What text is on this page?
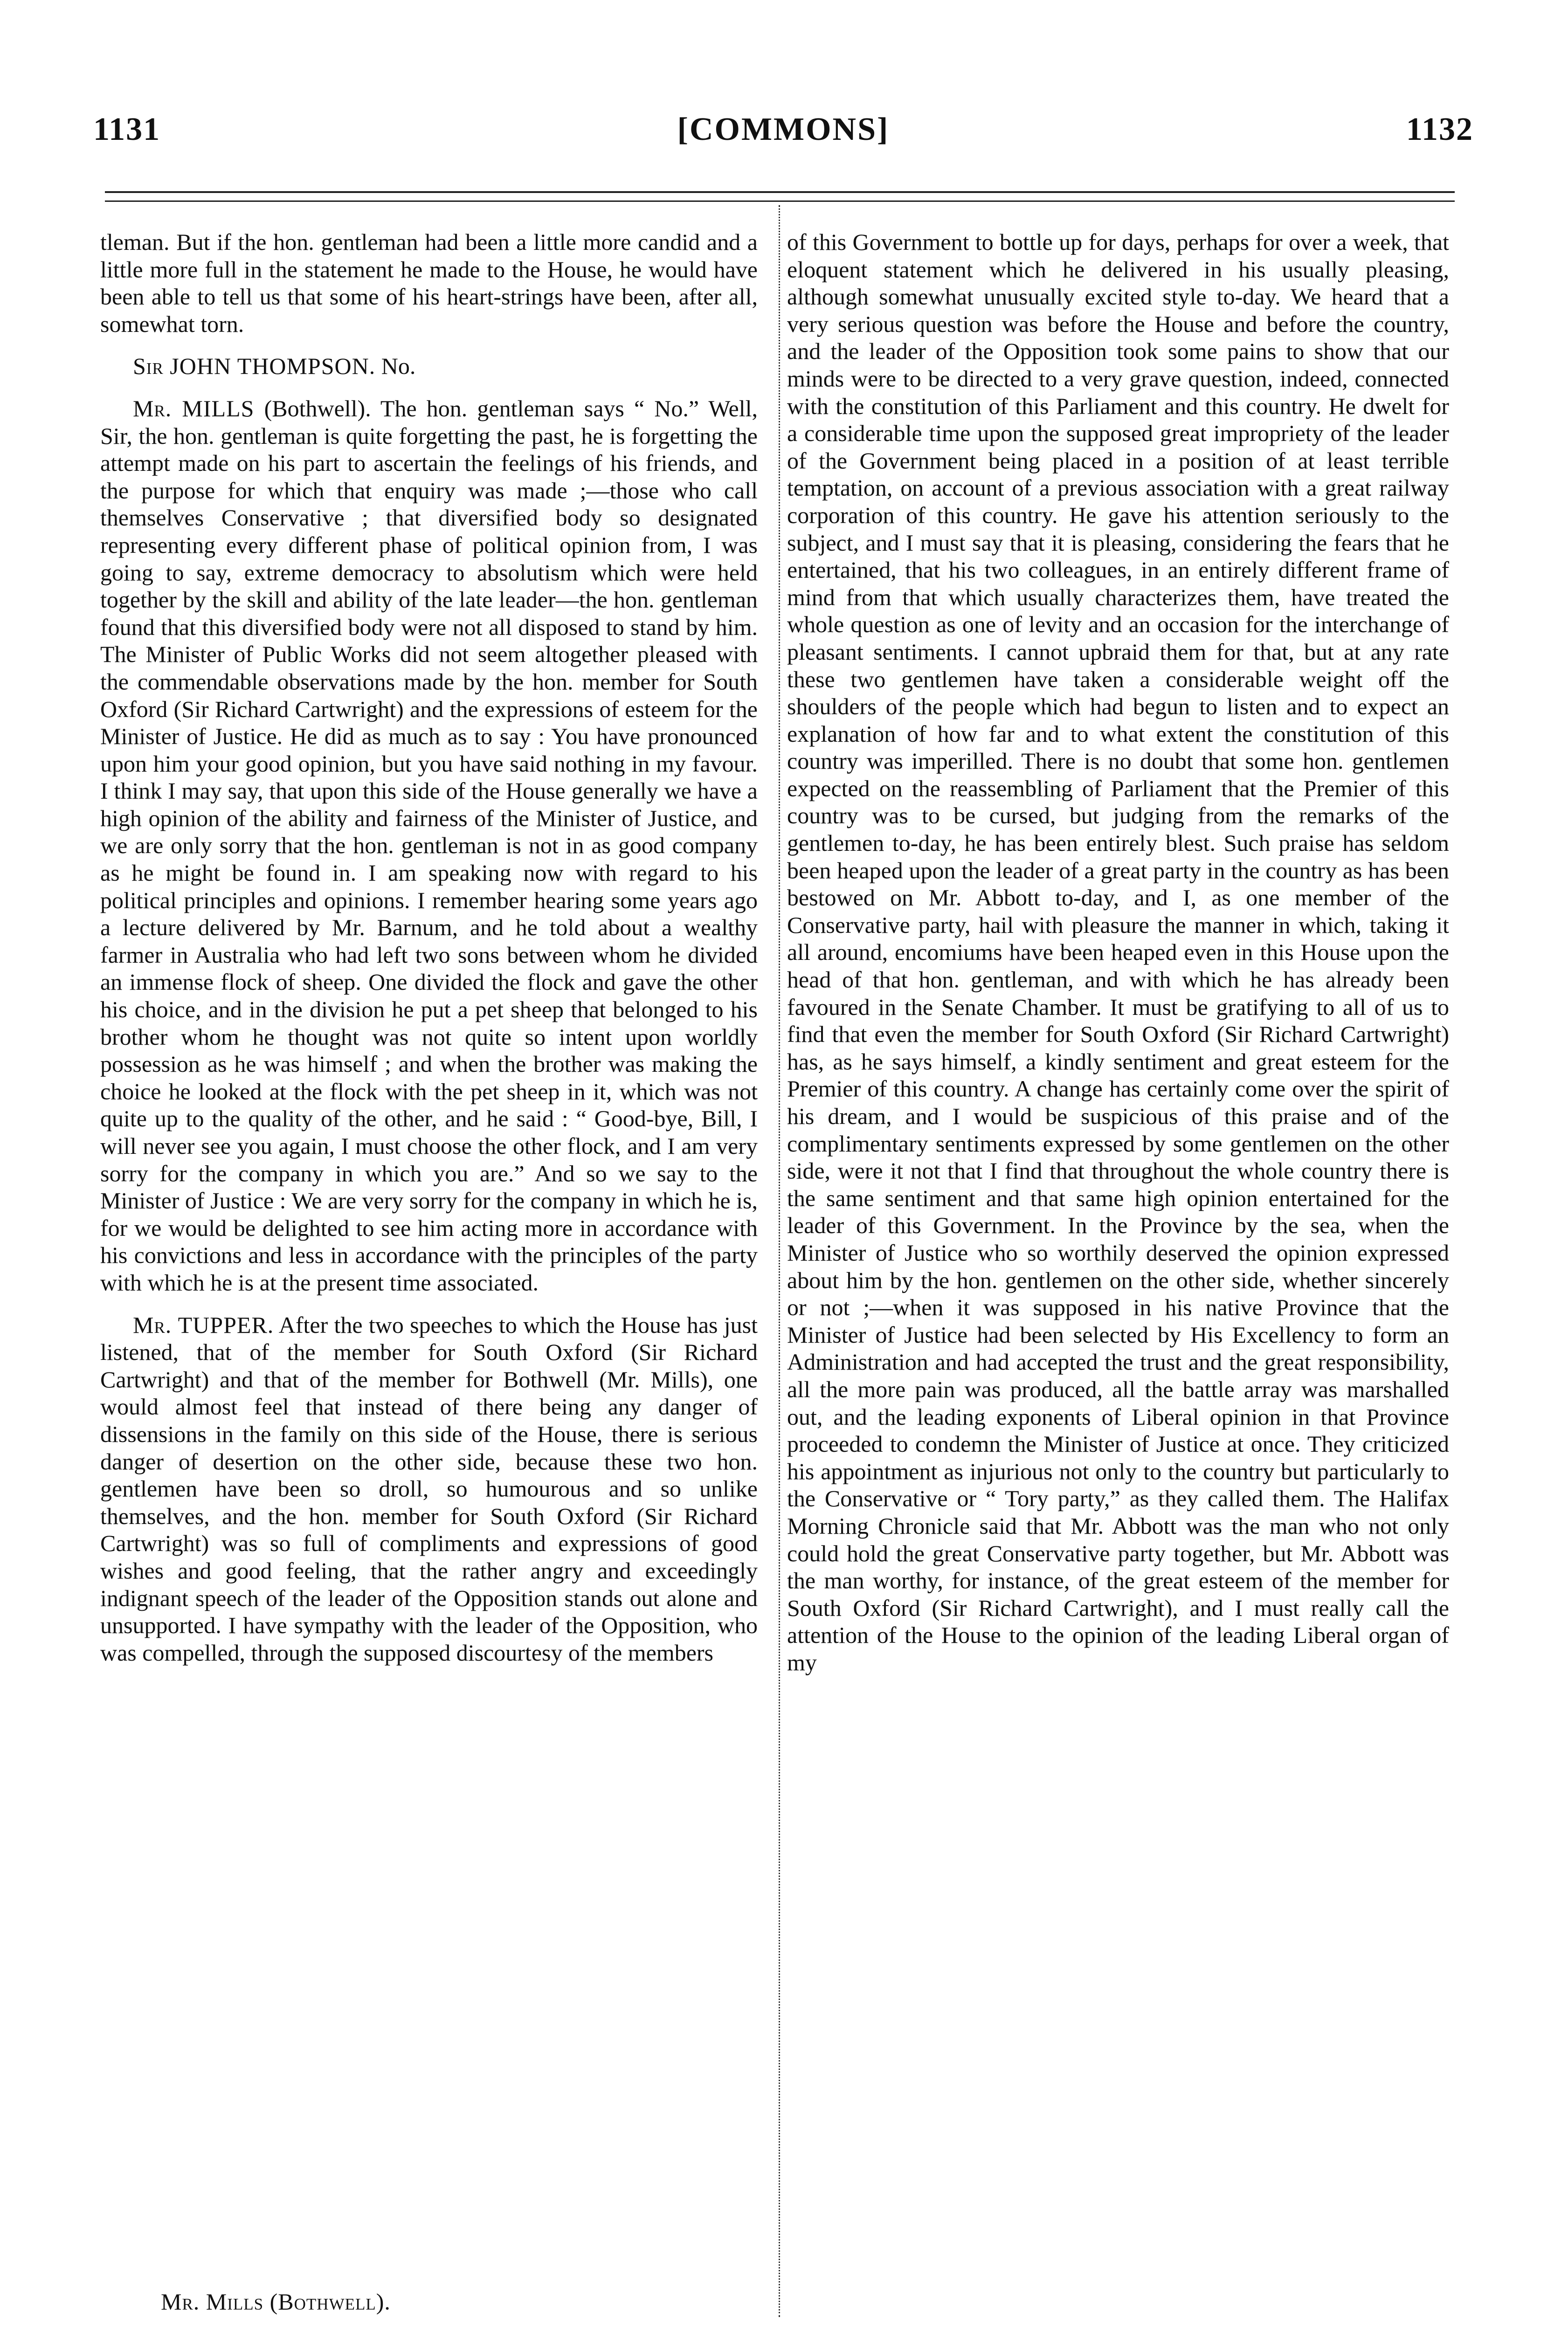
1131	[COMMONS]	1132

tleman. But if the hon. gentleman had been a little more candid and a little more full in the statement he made to the House, he would have been able to tell us that some of his heart-strings have been, after all, somewhat torn.

Sir JOHN THOMPSON. No.

Mr. MILLS (Bothwell). The hon. gentleman says “ No.” Well, Sir, the hon. gentleman is quite forgetting the past, he is forgetting the attempt made on his part to ascertain the feelings of his friends, and the purpose for which that enquiry was made ;—those who call themselves Conservative ; that diversified body so designated representing every different phase of political opinion from, I was going to say, extreme democracy to absolutism which were held together by the skill and ability of the late leader—the hon. gentleman found that this diversified body were not all disposed to stand by him. The Minister of Public Works did not seem altogether pleased with the commendable observations made by the hon. member for South Oxford (Sir Richard Cartwright) and the expressions of esteem for the Minister of Justice. He did as much as to say : You have pronounced upon him your good opinion, but you have said nothing in my favour. I think I may say, that upon this side of the House generally we have a high opinion of the ability and fairness of the Minister of Justice, and we are only sorry that the hon. gentleman is not in as good company as he might be found in. I am speaking now with regard to his political principles and opinions. I remember hearing some years ago a lecture delivered by Mr. Barnum, and he told about a wealthy farmer in Australia who had left two sons between whom he divided an immense flock of sheep. One divided the flock and gave the other his choice, and in the division he put a pet sheep that belonged to his brother whom he thought was not quite so intent upon worldly possession as he was himself ; and when the brother was making the choice he looked at the flock with the pet sheep in it, which was not quite up to the quality of the other, and he said : “ Good-bye, Bill, I will never see you again, I must choose the other flock, and I am very sorry for the company in which you are.” And so we say to the Minister of Justice : We are very sorry for the company in which he is, for we would be delighted to see him acting more in accordance with his convictions and less in accordance with the principles of the party with which he is at the present time associated.

Mr. TUPPER. After the two speeches to which the House has just listened, that of the member for South Oxford (Sir Richard Cartwright) and that of the member for Bothwell (Mr. Mills), one would almost feel that instead of there being any danger of dissensions in the family on this side of the House, there is serious danger of desertion on the other side, because these two hon. gentlemen have been so droll, so humourous and so unlike themselves, and the hon. member for South Oxford (Sir Richard Cartwright) was so full of compliments and expressions of good wishes and good feeling, that the rather angry and exceedingly indignant speech of the leader of the Opposition stands out alone and unsupported. I have sympathy with the leader of the Opposition, who was compelled, through the supposed discourtesy of the members

of this Government to bottle up for days, perhaps for over a week, that eloquent statement which he delivered in his usually pleasing, although somewhat unusually excited style to-day. We heard that a very serious question was before the House and before the country, and the leader of the Opposition took some pains to show that our minds were to be directed to a very grave question, indeed, connected with the constitution of this Parliament and this country. He dwelt for a considerable time upon the supposed great impropriety of the leader of the Government being placed in a position of at least terrible temptation, on account of a previous association with a great railway corporation of this country. He gave his attention seriously to the subject, and I must say that it is pleasing, considering the fears that he entertained, that his two colleagues, in an entirely different frame of mind from that which usually characterizes them, have treated the whole question as one of levity and an occasion for the interchange of pleasant sentiments. I cannot upbraid them for that, but at any rate these two gentlemen have taken a considerable weight off the shoulders of the people which had begun to listen and to expect an explanation of how far and to what extent the constitution of this country was imperilled. There is no doubt that some hon. gentlemen expected on the reassembling of Parliament that the Premier of this country was to be cursed, but judging from the remarks of the gentlemen to-day, he has been entirely blest. Such praise has seldom been heaped upon the leader of a great party in the country as has been bestowed on Mr. Abbott to-day, and I, as one member of the Conservative party, hail with pleasure the manner in which, taking it all around, encomiums have been heaped even in this House upon the head of that hon. gentleman, and with which he has already been favoured in the Senate Chamber. It must be gratifying to all of us to find that even the member for South Oxford (Sir Richard Cartwright) has, as he says himself, a kindly sentiment and great esteem for the Premier of this country. A change has certainly come over the spirit of his dream, and I would be suspicious of this praise and of the complimentary sentiments expressed by some gentlemen on the other side, were it not that I find that throughout the whole country there is the same sentiment and that same high opinion entertained for the leader of this Government. In the Province by the sea, when the Minister of Justice who so worthily deserved the opinion expressed about him by the hon. gentlemen on the other side, whether sincerely or not ;—when it was supposed in his native Province that the Minister of Justice had been selected by His Excellency to form an Administration and had accepted the trust and the great responsibility, all the more pain was produced, all the battle array was marshalled out, and the leading exponents of Liberal opinion in that Province proceeded to condemn the Minister of Justice at once. They criticized his appointment as injurious not only to the country but particularly to the Conservative or “ Tory party,” as they called them. The Halifax Morning Chronicle said that Mr. Abbott was the man who not only could hold the great Conservative party together, but Mr. Abbott was the man worthy, for instance, of the great esteem of the member for South Oxford (Sir Richard Cartwright), and I must really call the attention of the House to the opinion of the leading Liberal organ of my

Mr. Mills (Bothwell).
